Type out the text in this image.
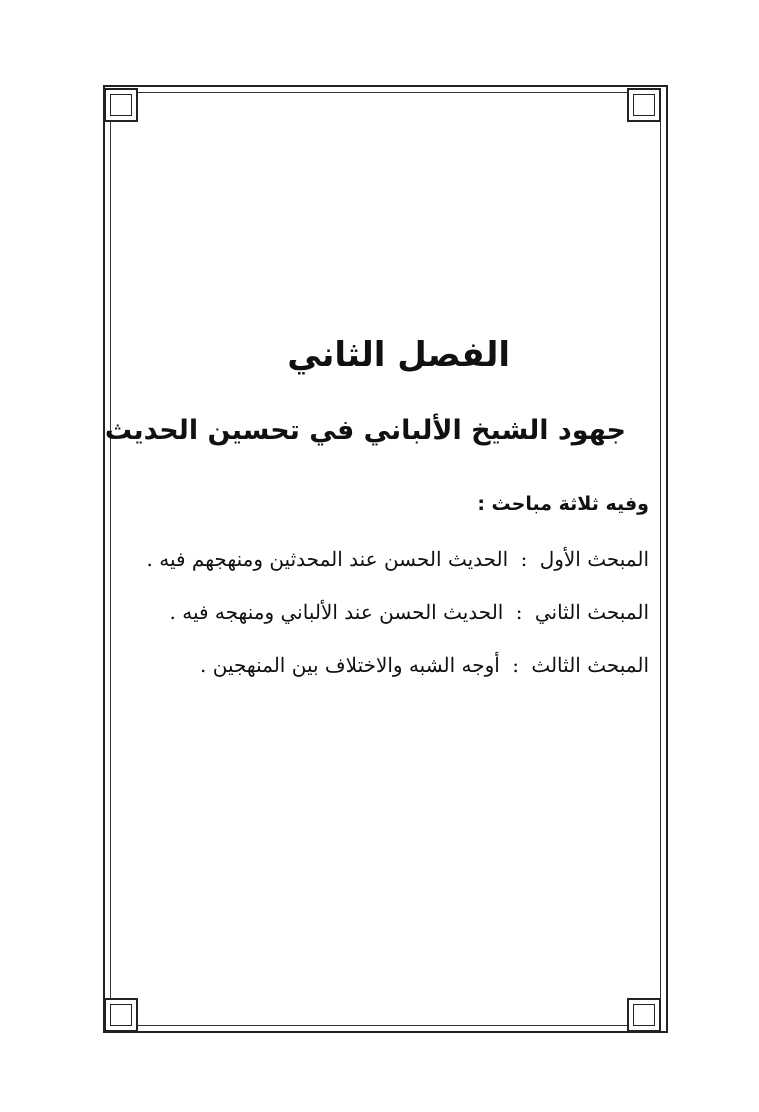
الفصل الثاني
جهود الشيخ الألباني في تحسين الحديث
وفيه ثلاثة مباحث :
المبحث الأول : الحديث الحسن عند المحدثين ومنهجهم فيه .
المبحث الثاني : الحديث الحسن عند الألباني ومنهجه فيه .
المبحث الثالث : أوجه الشبه والاختلاف بين المنهجين .
